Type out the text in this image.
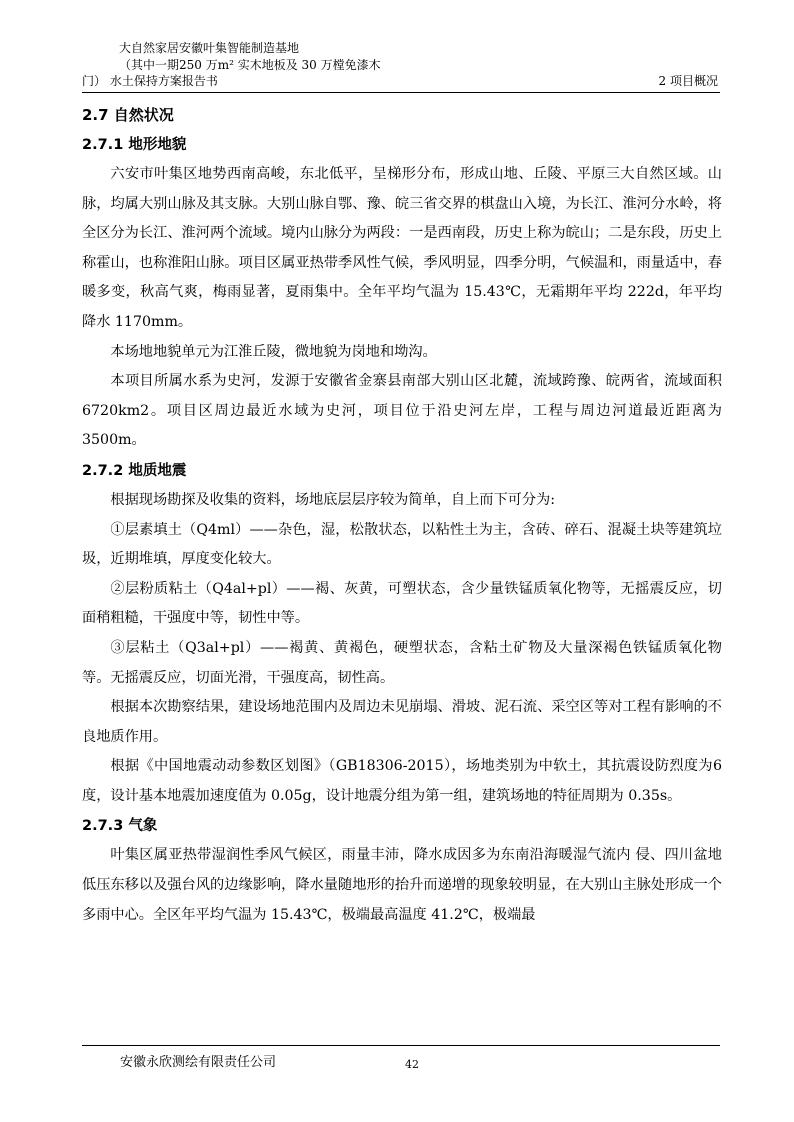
大自然家居安徽叶集智能制造基地
（其中一期250 万m² 实木地板及 30 万樘免漆木
门） 水土保持方案报告书	2 项目概况
2.7 自然状况
2.7.1 地形地貌

六安市叶集区地势西南高峻，东北低平，呈梯形分布，形成山地、丘陵、平原三大自然区域。山脉，均属大别山脉及其支脉。大别山脉自鄂、豫、皖三省交界的棋盘山入境，为长江、淮河分水岭，将全区分为长江、淮河两个流域。境内山脉分为两段：一是西南段，历史上称为皖山；二是东段，历史上称霍山，也称淮阳山脉。项目区属亚热带季风性气候，季风明显，四季分明，气候温和，雨量适中，春暖多变，秋高气爽，梅雨显著，夏雨集中。全年平均气温为 15.43℃，无霜期年平均 222d，年平均降水 1170mm。

本场地地貌单元为江淮丘陵，微地貌为岗地和坳沟。

本项目所属水系为史河，发源于安徽省金寨县南部大别山区北麓，流域跨豫、皖两省，流域面积 6720km2。项目区周边最近水域为史河，项目位于沿史河左岸，工程与周边河道最近距离为 3500m。

2.7.2 地质地震

根据现场勘探及收集的资料，场地底层层序较为简单，自上而下可分为:

①层素填土（Q4ml）——杂色，湿，松散状态，以粘性土为主，含砖、碎石、混凝土块等建筑垃圾，近期堆填，厚度变化较大。

②层粉质粘土（Q4al+pl）——褐、灰黄，可塑状态，含少量铁锰质氧化物等，无摇震反应，切面稍粗糙，干强度中等，韧性中等。

③层粘土（Q3al+pl）——褐黄、黄褐色，硬塑状态，含粘土矿物及大量深褐色铁锰质氧化物等。无摇震反应，切面光滑，干强度高，韧性高。

根据本次勘察结果，建设场地范围内及周边未见崩塌、滑坡、泥石流、采空区等对工程有影响的不良地质作用。

根据《中国地震动动参数区划图》（GB18306-2015），场地类别为中软土，其抗震设防烈度为6度，设计基本地震加速度值为 0.05g，设计地震分组为第一组，建筑场地的特征周期为 0.35s。

2.7.3 气象

叶集区属亚热带湿润性季风气候区，雨量丰沛，降水成因多为东南沿海暖湿气流内 侵、四川盆地低压东移以及强台风的边缘影响，降水量随地形的抬升而递增的现象较明显，在大别山主脉处形成一个多雨中心。全区年平均气温为 15.43℃，极端最高温度 41.2℃，极端最

安徽永欣测绘有限责任公司	42
